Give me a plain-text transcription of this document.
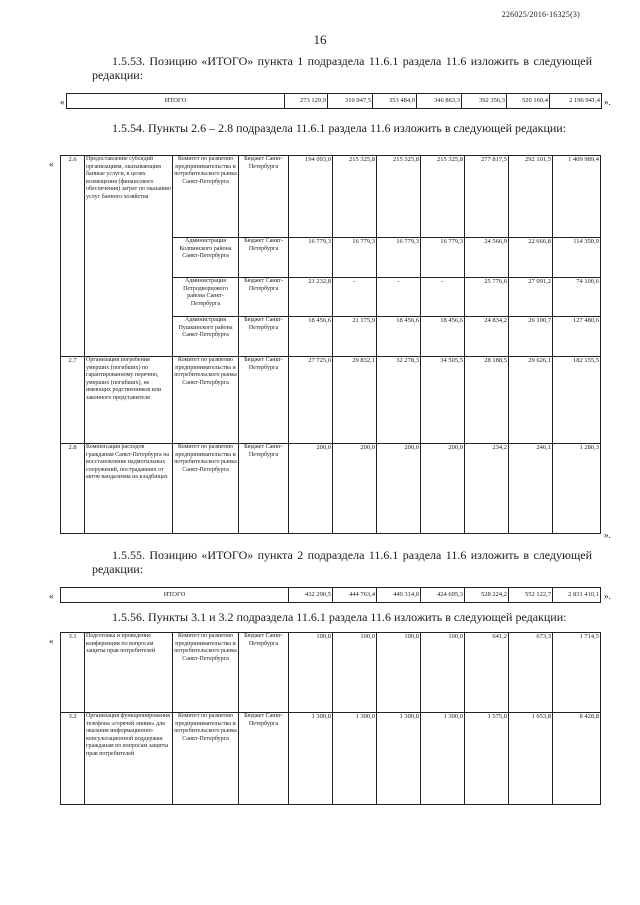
226025/2016-16325(3)
16
1.5.53. Позицию «ИТОГО» пункта 1 подраздела 11.6.1 раздела 11.6 изложить в следующей редакции:
«	ИТОГО	273 129,9	310 947,5	353 484,0	346 863,3	392 356,3	520 160,4	2 196 941,4 ».
1.5.54. Пункты 2.6 – 2.8 подраздела 11.6.1 раздела 11.6 изложить в следующей редакции:
« 2.6	Предоставление субсидий организациям, оказывающим банные услуги, в целях возмещения (финансового обеспечения) затрат по оказанию услуг банного хозяйства	Комитет по развитию предпринимательства и потребительского рынка Санкт-Петербурга	Бюджет Санкт-Петербурга	194 093,0	215 325,8	215 325,8	215 325,8	277 817,5	292 101,5	1 409 989,4
		Администрация Колпинского района Санкт-Петербурга	Бюджет Санкт-Петербурга	16 779,3	16 779,3	16 779,3	16 779,3	24 566,9	22 666,8	114 350,9
		Администрация Петродворцового района Санкт-Петербурга	Бюджет Санкт-Петербурга	21 232,8	-	-	-	25 776,6	27 091,2	74 100,6
		Администрация Пушкинского района Санкт-Петербурга	Бюджет Санкт-Петербурга	18 456,6	21 175,9	18 456,6	18 456,6	24 834,2	26 100,7	127 480,6
2.7	Организация погребения умерших (погибших) по гарантированному перечню, умерших (погибших), не имеющих родственников или законного представителя	Комитет по развитию предпринимательства и потребительского рынка Санкт-Петербурга	Бюджет Санкт-Петербурга	27 725,0	29 832,1	32 278,3	34 505,5	28 188,5	29 626,1	182 155,5
2.8	Компенсация расходов гражданам Санкт-Петербурга на восстановление надмогильных сооружений, пострадавших от актов вандализма на кладбищах	Комитет по развитию предпринимательства и потребительского рынка Санкт-Петербурга	Бюджет Санкт-Петербурга	200,0	200,0	200,0	200,0	234,2	246,1	1 280,3
».
1.5.55. Позицию «ИТОГО» пункта 2 подраздела 11.6.1 раздела 11.6 изложить в следующей редакции:
«	ИТОГО	432 290,5	444 763,4	449 314,0	424 695,3	528 224,2	552 122,7	2 831 410,1 ».
1.5.56. Пункты 3.1 и 3.2 подраздела 11.6.1 раздела 11.6 изложить в следующей редакции:
« 3.1	Подготовка и проведение конференции по вопросам защиты прав потребителей	Комитет по развитию предпринимательства и потребительского рынка Санкт-Петербурга	Бюджет Санкт-Петербурга	100,0	100,0	100,0	100,0	641,2	673,3	1 714,5
3.2	Организация функционирования телефона «горячей линии» для оказания информационно-консультационной поддержки гражданам по вопросам защиты прав потребителей	Комитет по развитию предпринимательства и потребительского рынка Санкт-Петербурга	Бюджет Санкт-Петербурга	1 300,0	1 300,0	1 300,0	1 300,0	1 575,0	1 653,8	8 428,8
